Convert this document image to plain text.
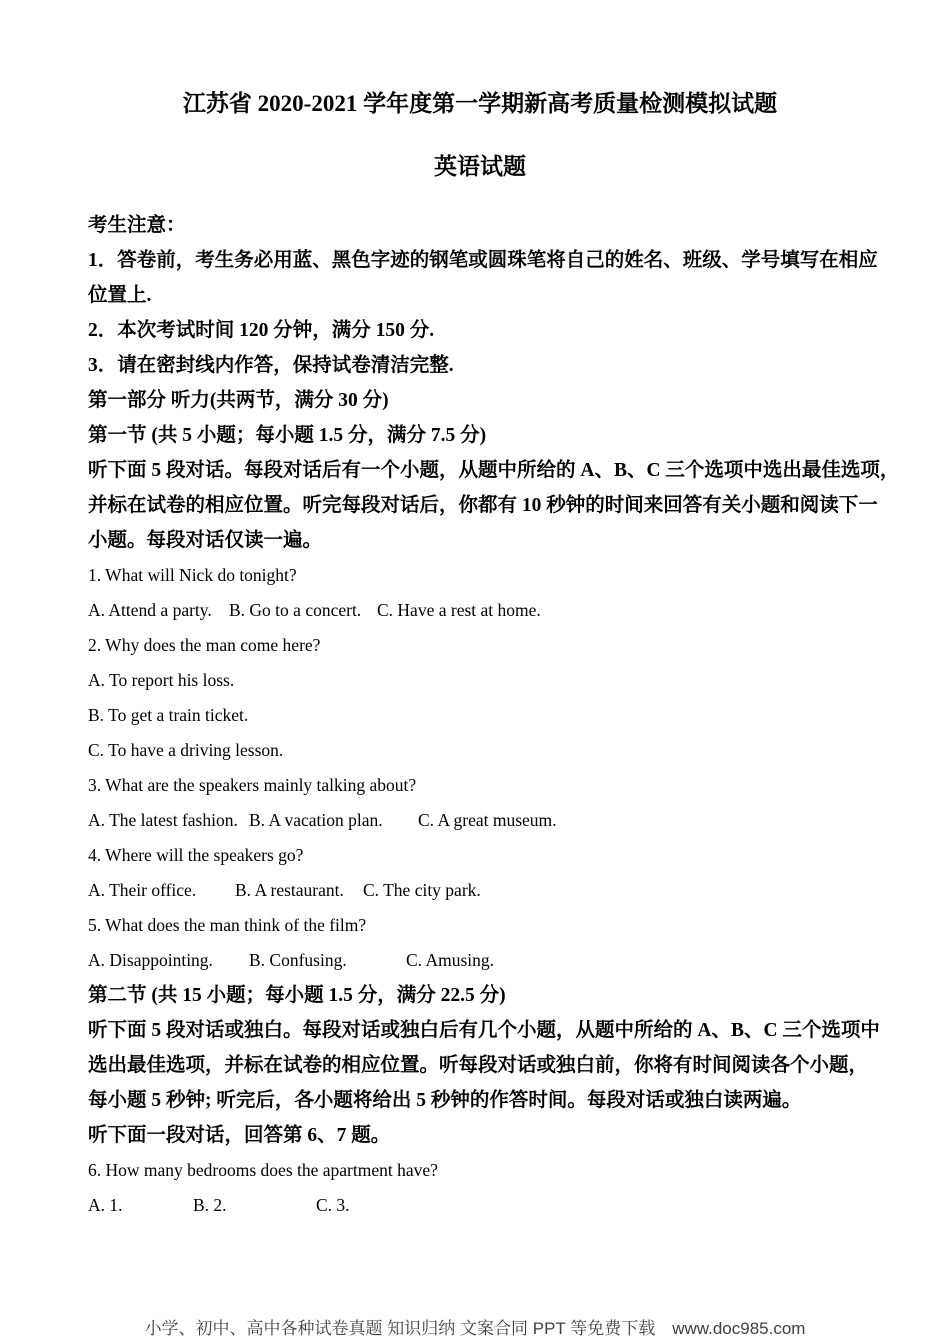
江苏省 2020-2021 学年度第一学期新高考质量检测模拟试题
英语试题
考生注意：
1．答卷前，考生务必用蓝、黑色字迹的钢笔或圆珠笔将自己的姓名、班级、学号填写在相应
位置上.
2．本次考试时间 120 分钟，满分 150 分.
3．请在密封线内作答，保持试卷清洁完整.
第一部分 听力(共两节，满分 30 分)
第一节 (共 5 小题；每小题 1.5 分，满分 7.5 分)
听下面 5 段对话。每段对话后有一个小题，从题中所给的 A、B、C 三个选项中选出最佳选项，
并标在试卷的相应位置。听完每段对话后，你都有 10 秒钟的时间来回答有关小题和阅读下一
小题。每段对话仅读一遍。
1. What will Nick do tonight?
A. Attend a party. B. Go to a concert. C. Have a rest at home.
2. Why does the man come here?
A. To report his loss.
B. To get a train ticket.
C. To have a driving lesson.
3. What are the speakers mainly talking about?
A. The latest fashion. B. A vacation plan.	C. A great museum.
4. Where will the speakers go?
A. Their office.	B. A restaurant.	C. The city park.
5. What does the man think of the film?
A. Disappointing.	B. Confusing.	C. Amusing.
第二节 (共 15 小题；每小题 1.5 分，满分 22.5 分)
听下面 5 段对话或独白。每段对话或独白后有几个小题，从题中所给的 A、B、C 三个选项中
选出最佳选项，并标在试卷的相应位置。听每段对话或独白前，你将有时间阅读各个小题，
每小题 5 秒钟; 听完后，各小题将给出 5 秒钟的作答时间。每段对话或独白读两遍。
听下面一段对话，回答第 6、7 题。
6. How many bedrooms does the apartment have?
A. 1.	B. 2.	C. 3.
小学、初中、高中各种试卷真题 知识归纳 文案合同 PPT 等免费下载　www.doc985.com
